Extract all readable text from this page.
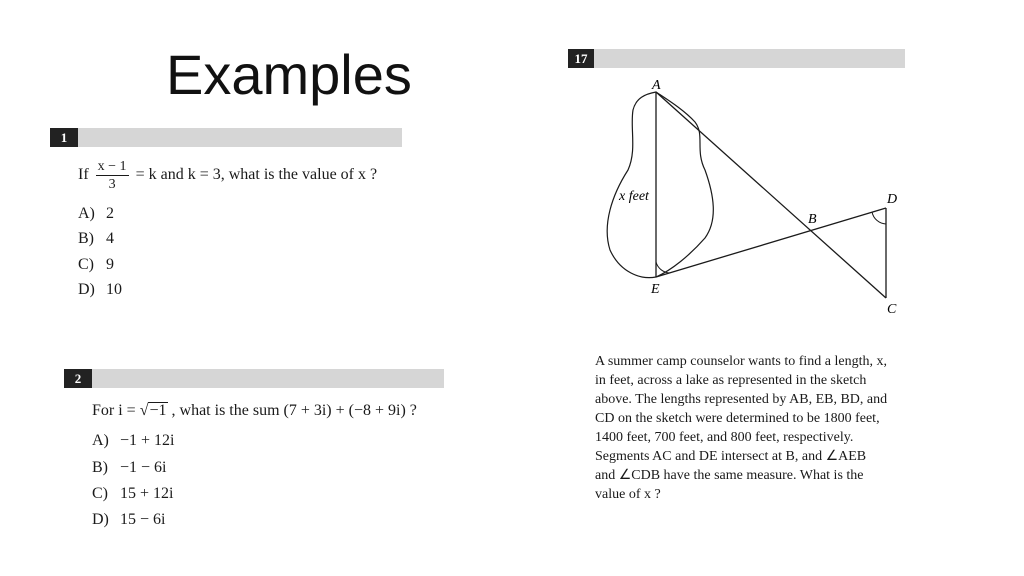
Examples
1
If $\frac{x - 1}{3} = k$ and k = 3, what is the value of x ?
A) 2
B) 4
C) 9
D) 10
2
For i = √−1 , what is the sum (7 + 3i) + (−8 + 9i) ?
A) −1 + 12i
B) −1 − 6i
C) 15 + 12i
D) 15 − 6i
17
A
B
C
D
E
x feet
A summer camp counselor wants to find a length, x,
in feet, across a lake as represented in the sketch
above. The lengths represented by AB, EB, BD, and
CD on the sketch were determined to be 1800 feet,
1400 feet, 700 feet, and 800 feet, respectively.
Segments AC and DE intersect at B, and ∠AEB
and ∠CDB have the same measure. What is the
value of x ?
